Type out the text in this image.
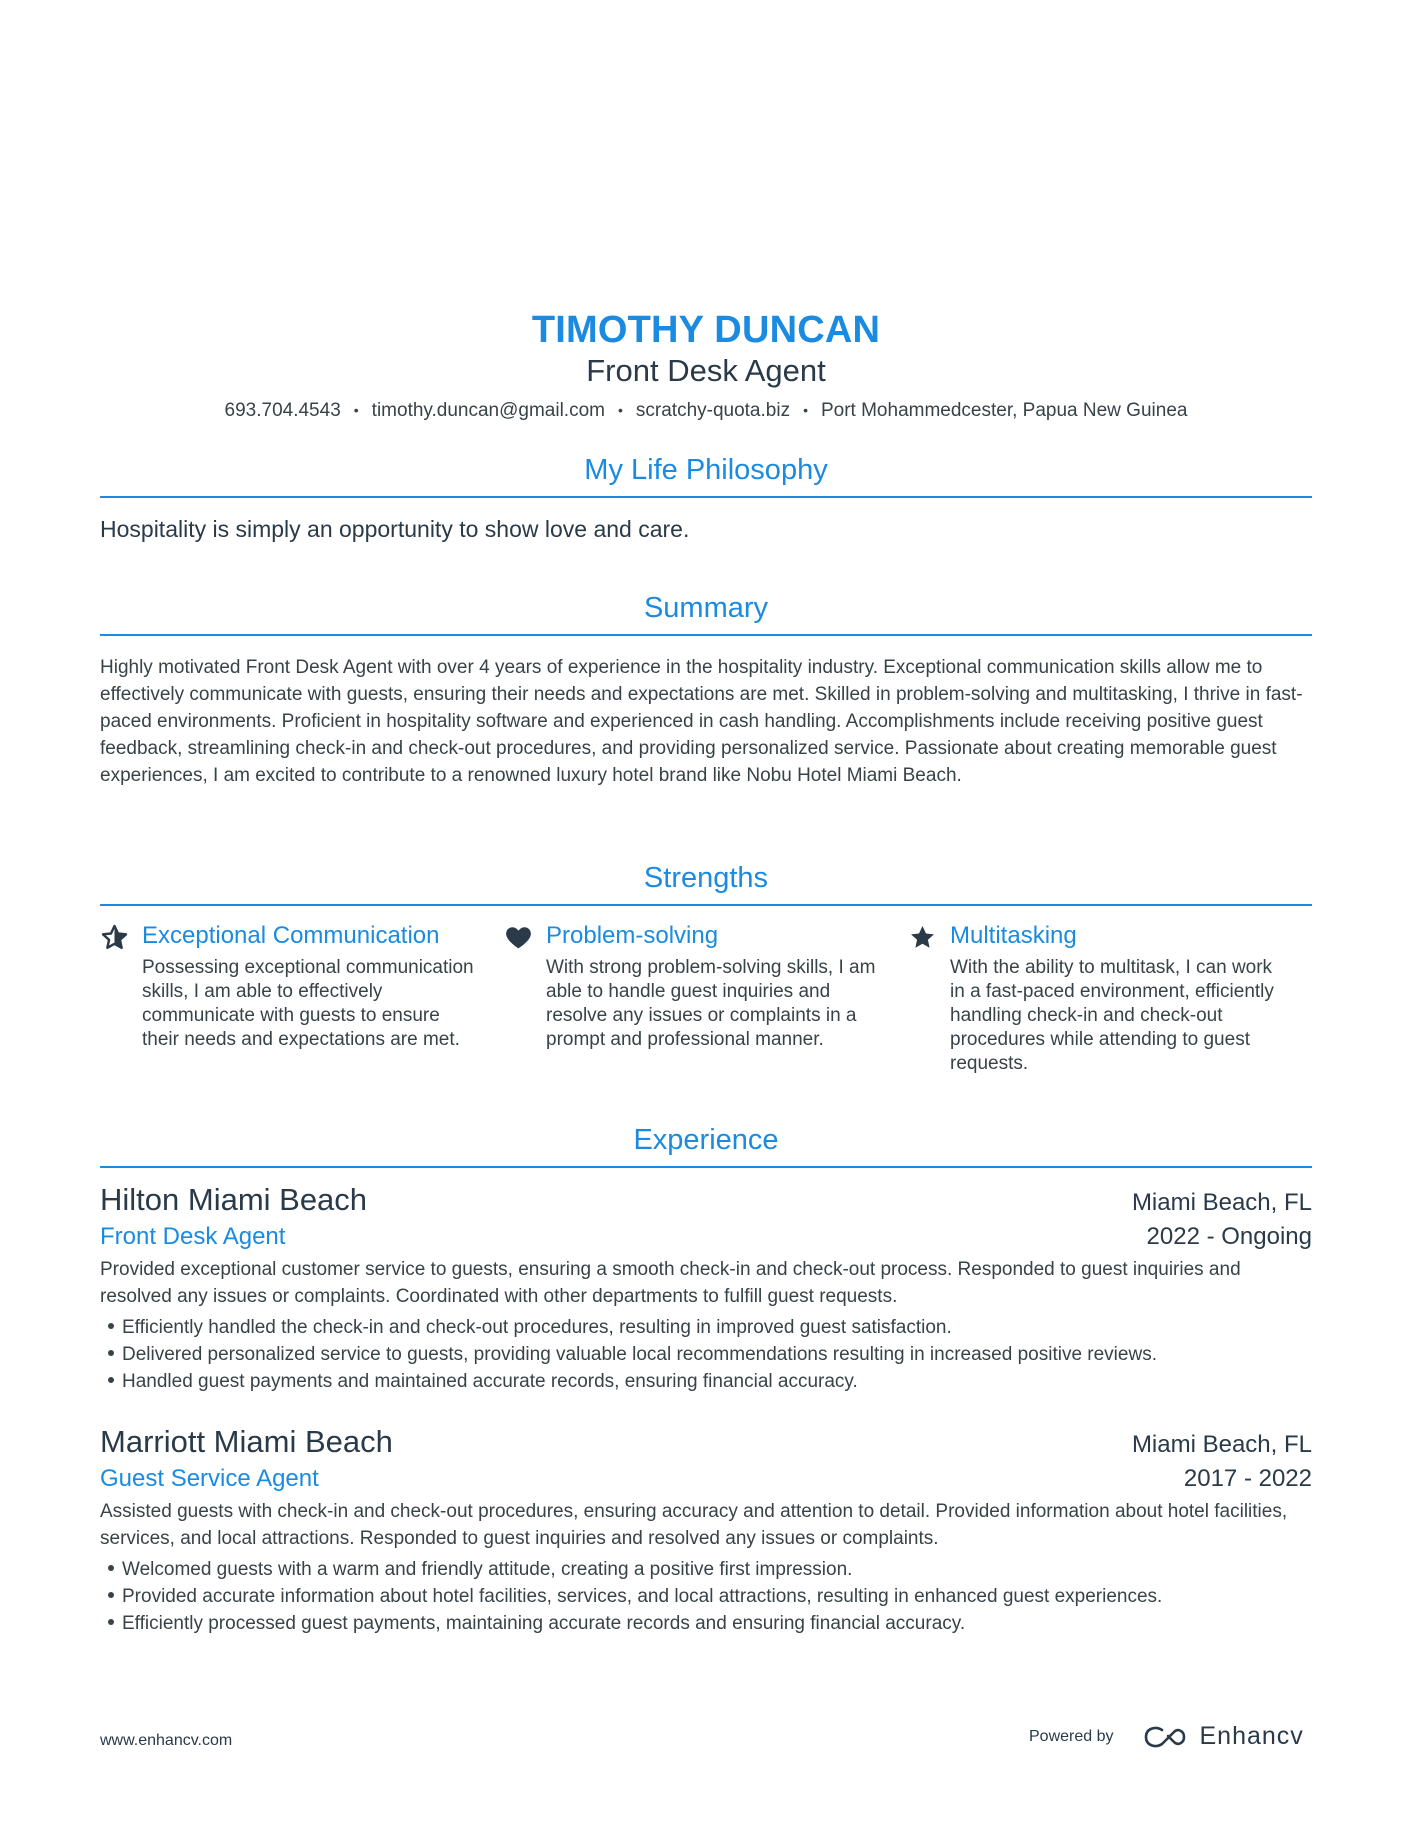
TIMOTHY DUNCAN
Front Desk Agent
693.704.4543 • timothy.duncan@gmail.com • scratchy-quota.biz • Port Mohammedcester, Papua New Guinea
My Life Philosophy
Hospitality is simply an opportunity to show love and care.
Summary
Highly motivated Front Desk Agent with over 4 years of experience in the hospitality industry. Exceptional communication skills allow me to effectively communicate with guests, ensuring their needs and expectations are met. Skilled in problem-solving and multitasking, I thrive in fast-paced environments. Proficient in hospitality software and experienced in cash handling. Accomplishments include receiving positive guest feedback, streamlining check-in and check-out procedures, and providing personalized service. Passionate about creating memorable guest experiences, I am excited to contribute to a renowned luxury hotel brand like Nobu Hotel Miami Beach.
Strengths
Exceptional Communication
Possessing exceptional communication skills, I am able to effectively communicate with guests to ensure their needs and expectations are met.
Problem-solving
With strong problem-solving skills, I am able to handle guest inquiries and resolve any issues or complaints in a prompt and professional manner.
Multitasking
With the ability to multitask, I can work in a fast-paced environment, efficiently handling check-in and check-out procedures while attending to guest requests.
Experience
Hilton Miami Beach	Miami Beach, FL
Front Desk Agent	2022 - Ongoing
Provided exceptional customer service to guests, ensuring a smooth check-in and check-out process. Responded to guest inquiries and resolved any issues or complaints. Coordinated with other departments to fulfill guest requests.
Efficiently handled the check-in and check-out procedures, resulting in improved guest satisfaction.
Delivered personalized service to guests, providing valuable local recommendations resulting in increased positive reviews.
Handled guest payments and maintained accurate records, ensuring financial accuracy.
Marriott Miami Beach	Miami Beach, FL
Guest Service Agent	2017 - 2022
Assisted guests with check-in and check-out procedures, ensuring accuracy and attention to detail. Provided information about hotel facilities, services, and local attractions. Responded to guest inquiries and resolved any issues or complaints.
Welcomed guests with a warm and friendly attitude, creating a positive first impression.
Provided accurate information about hotel facilities, services, and local attractions, resulting in enhanced guest experiences.
Efficiently processed guest payments, maintaining accurate records and ensuring financial accuracy.
www.enhancv.com	Powered by	Enhancv
